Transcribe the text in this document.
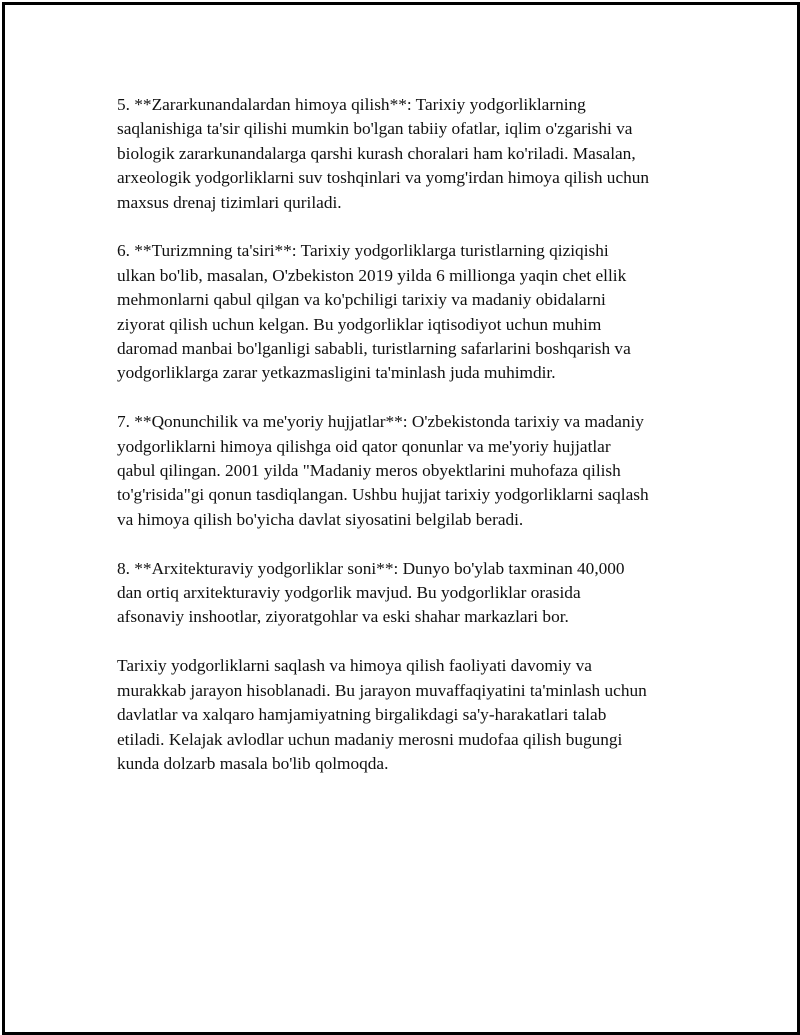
5. **Zararkunandalardan himoya qilish**: Tarixiy yodgorliklarning
saqlanishiga ta'sir qilishi mumkin bo'lgan tabiiy ofatlar, iqlim o'zgarishi va
biologik zararkunandalarga qarshi kurash choralari ham ko'riladi. Masalan,
arxeologik yodgorliklarni suv toshqinlari va yomg'irdan himoya qilish uchun
maxsus drenaj tizimlari quriladi.

6. **Turizmning ta'siri**: Tarixiy yodgorliklarga turistlarning qiziqishi
ulkan bo'lib, masalan, O'zbekiston 2019 yilda 6 millionga yaqin chet ellik
mehmonlarni qabul qilgan va ko'pchiligi tarixiy va madaniy obidalarni
ziyorat qilish uchun kelgan. Bu yodgorliklar iqtisodiyot uchun muhim
daromad manbai bo'lganligi sababli, turistlarning safarlarini boshqarish va
yodgorliklarga zarar yetkazmasligini ta'minlash juda muhimdir.

7. **Qonunchilik va me'yoriy hujjatlar**: O'zbekistonda tarixiy va madaniy
yodgorliklarni himoya qilishga oid qator qonunlar va me'yoriy hujjatlar
qabul qilingan. 2001 yilda "Madaniy meros obyektlarini muhofaza qilish
to'g'risida"gi qonun tasdiqlangan. Ushbu hujjat tarixiy yodgorliklarni saqlash
va himoya qilish bo'yicha davlat siyosatini belgilab beradi.

8. **Arxitekturaviy yodgorliklar soni**: Dunyo bo'ylab taxminan 40,000
dan ortiq arxitekturaviy yodgorlik mavjud. Bu yodgorliklar orasida
afsonaviy inshootlar, ziyoratgohlar va eski shahar markazlari bor.

Tarixiy yodgorliklarni saqlash va himoya qilish faoliyati davomiy va
murakkab jarayon hisoblanadi. Bu jarayon muvaffaqiyatini ta'minlash uchun
davlatlar va xalqaro hamjamiyatning birgalikdagi sa'y-harakatlari talab
etiladi. Kelajak avlodlar uchun madaniy merosni mudofaa qilish bugungi
kunda dolzarb masala bo'lib qolmoqda.
